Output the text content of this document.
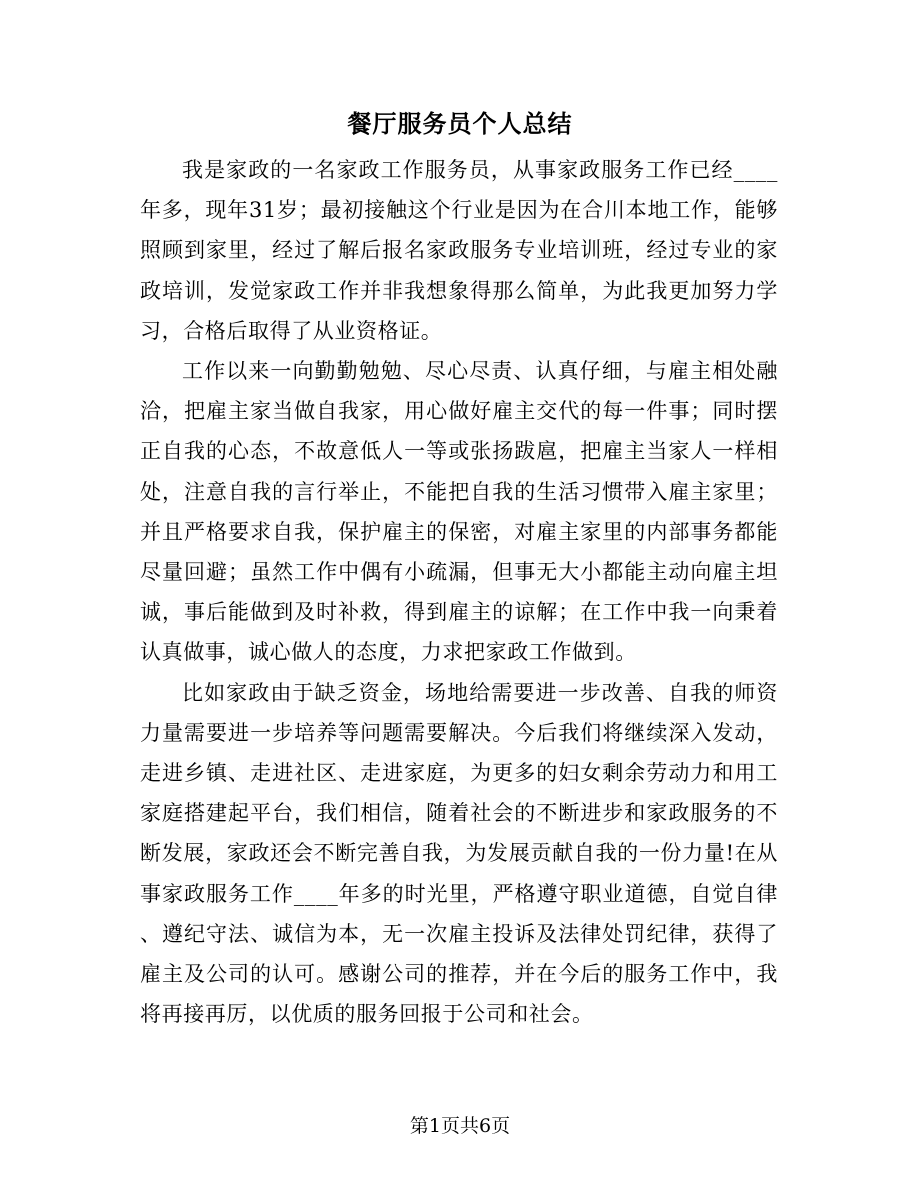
餐厅服务员个人总结

我是家政的一名家政工作服务员，从事家政服务工作已经____年多，现年31岁；最初接触这个行业是因为在合川本地工作，能够照顾到家里，经过了解后报名家政服务专业培训班，经过专业的家政培训，发觉家政工作并非我想象得那么简单，为此我更加努力学习，合格后取得了从业资格证。

工作以来一向勤勤勉勉、尽心尽责、认真仔细，与雇主相处融洽，把雇主家当做自我家，用心做好雇主交代的每一件事；同时摆正自我的心态，不故意低人一等或张扬跋扈，把雇主当家人一样相处，注意自我的言行举止，不能把自我的生活习惯带入雇主家里；并且严格要求自我，保护雇主的保密，对雇主家里的内部事务都能尽量回避；虽然工作中偶有小疏漏，但事无大小都能主动向雇主坦诚，事后能做到及时补救，得到雇主的谅解；在工作中我一向秉着认真做事，诚心做人的态度，力求把家政工作做到。

比如家政由于缺乏资金，场地给需要进一步改善、自我的师资力量需要进一步培养等问题需要解决。今后我们将继续深入发动，走进乡镇、走进社区、走进家庭，为更多的妇女剩余劳动力和用工家庭搭建起平台，我们相信，随着社会的不断进步和家政服务的不断发展，家政还会不断完善自我，为发展贡献自我的一份力量!在从事家政服务工作____年多的时光里，严格遵守职业道德，自觉自律、遵纪守法、诚信为本，无一次雇主投诉及法律处罚纪律，获得了雇主及公司的认可。感谢公司的推荐，并在今后的服务工作中，我将再接再厉，以优质的服务回报于公司和社会。

第1页共6页
